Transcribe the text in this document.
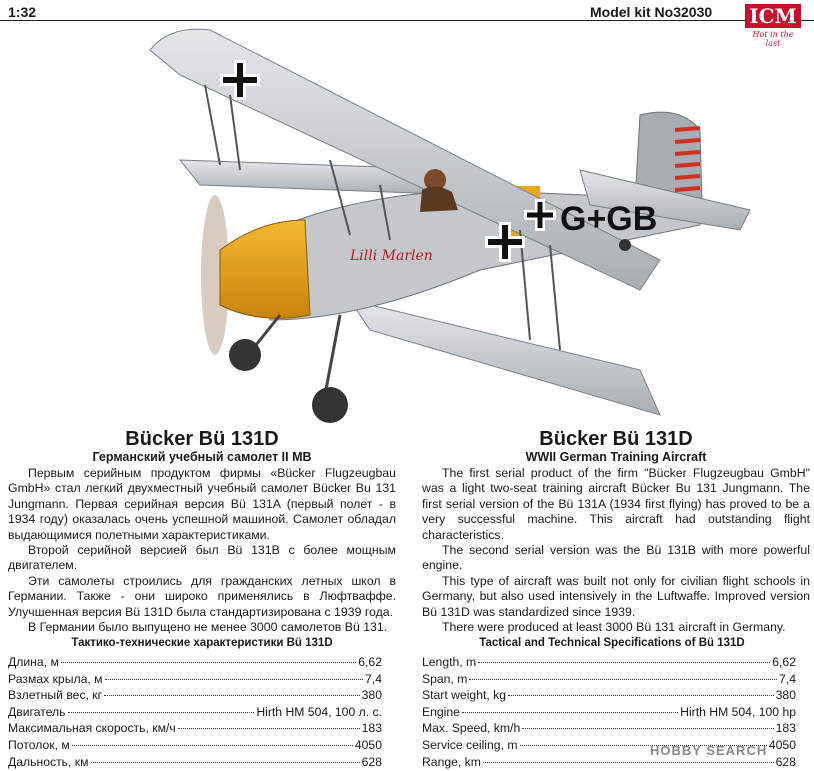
1:32	Model kit No32030 ICM
Hot in the last
G+GB
Lilli Marlen
Bücker Bü 131D
Германский учебный самолет II МВ

Первым серийным продуктом фирмы «Bücker Flugzeugbau GmbH» стал легкий двухместный учебный самолет Bücker Bu 131 Jungmann. Первая серийная версия Bü 131A (первый полет - в 1934 году) оказалась очень успешной машиной. Самолет обладал выдающимися полетными характеристиками.

Второй серийной версией был Bü 131B с более мощным двигателем.

Эти самолеты строились для гражданских летных школ в Германии. Также - они широко применялись в Люфтваффе. Улучшенная версия Bü 131D была стандартизирована с 1939 года.

В Германии было выпущено не менее 3000 самолетов Bü 131.

Bücker Bü 131D
WWII German Training Aircraft

The first serial product of the firm "Bücker Flugzeugbau GmbH" was a light two-seat training aircraft Bücker Bu 131 Jungmann. The first serial version of the Bü 131A (1934 first flying) has proved to be a very successful machine. This aircraft had outstanding flight characteristics.

The second serial version was the Bü 131B with more powerful engine.

This type of aircraft was built not only for civilian flight schools in Germany, but also used intensively in the Luftwaffe. Improved version Bü 131D was standardized since 1939.

There were produced at least 3000 Bü 131 aircraft in Germany.

Тактико-технические характеристики Bü 131D	Tactical and Technical Specifications of Bü 131D
Длина, м	6,62
Размах крыла, м	7,4
Взлетный вес, кг	380
Двигатель	Hirth HM 504, 100 л. с.
Максимальная скорость, км/ч	183
Потолок, м	4050
Дальность, км	628
Length, m	6,62
Span, m	7,4
Start weight, kg	380
Engine	Hirth HM 504, 100 hp
Max. Speed, km/h	183
Service ceiling, m	4050
Range, km	628
HOBBY SEARCH
